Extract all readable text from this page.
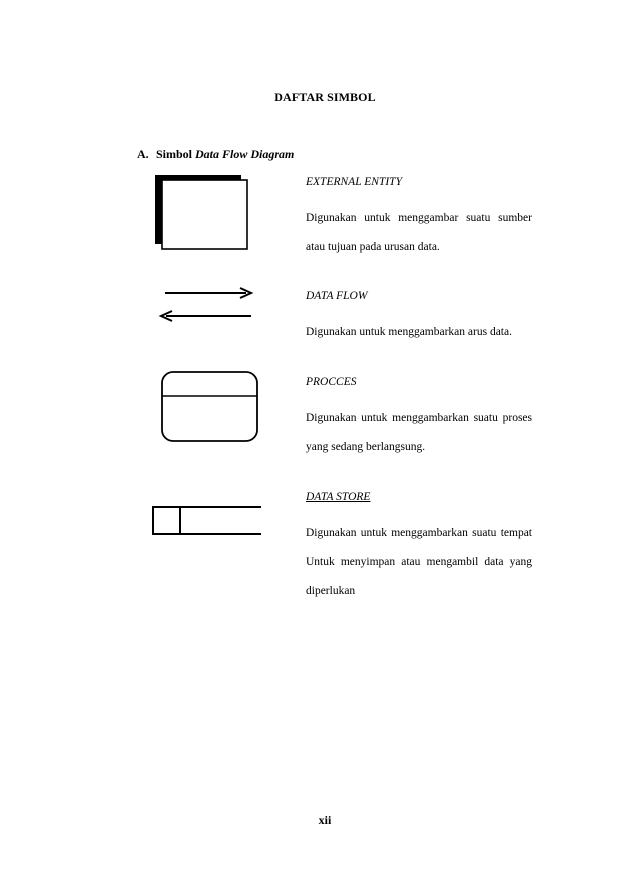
DAFTAR SIMBOL
A. Simbol Data Flow Diagram
EXTERNAL ENTITY
Digunakan untuk menggambar suatu sumber atau tujuan pada urusan data.
DATA FLOW
Digunakan untuk menggambarkan arus data.
PROCCES
Digunakan untuk menggambarkan suatu proses yang sedang berlangsung.
DATA STORE
Digunakan untuk menggambarkan suatu tempat Untuk menyimpan atau mengambil data yang diperlukan
xii
